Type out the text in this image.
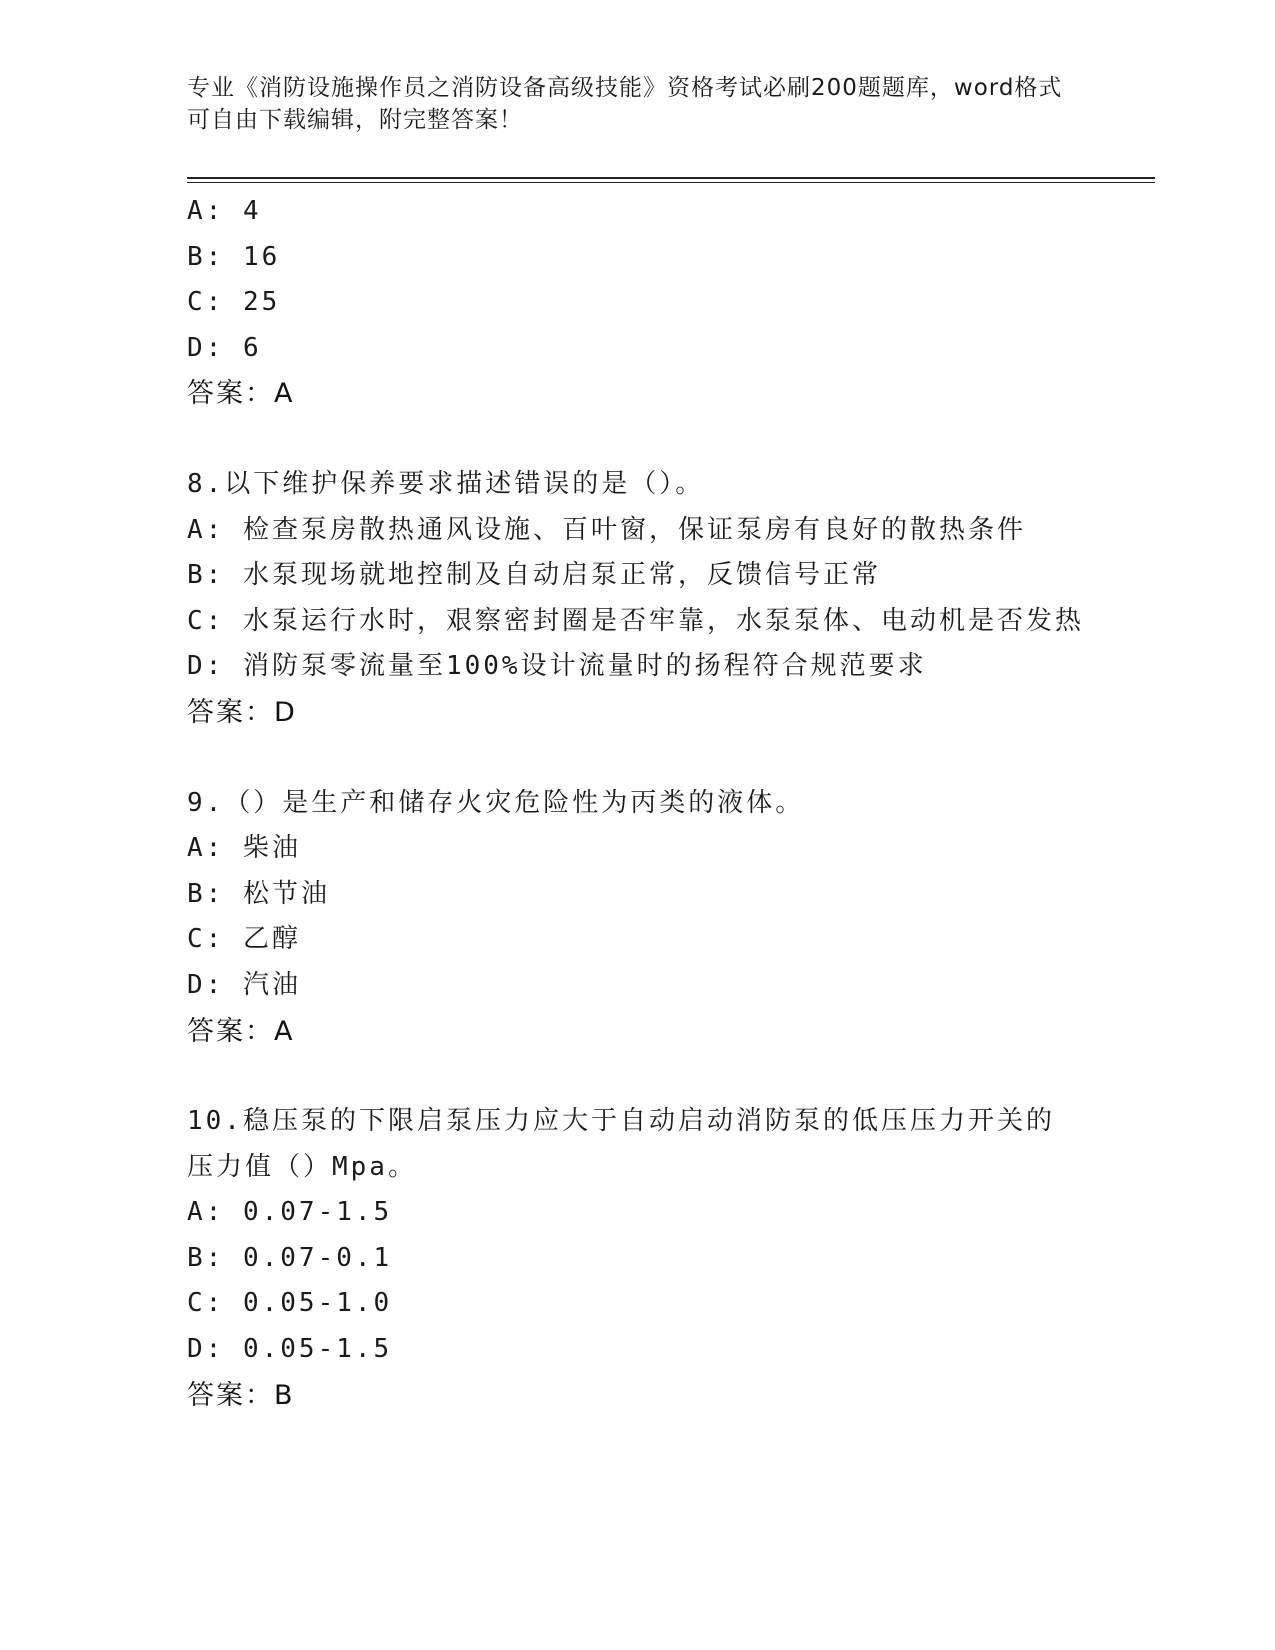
专业《消防设施操作员之消防设备高级技能》资格考试必刷200题题库，word格式可自由下载编辑，附完整答案！
A: 4
B: 16
C: 25
D: 6
答案：A
8.以下维护保养要求描述错误的是（）。
A: 检查泵房散热通风设施、百叶窗，保证泵房有良好的散热条件
B: 水泵现场就地控制及自动启泵正常，反馈信号正常
C: 水泵运行水时，艰察密封圈是否牢靠，水泵泵体、电动机是否发热
D: 消防泵零流量至100%设计流量时的扬程符合规范要求
答案：D
9.（）是生产和储存火灾危险性为丙类的液体。
A: 柴油
B: 松节油
C: 乙醇
D: 汽油
答案：A
10.稳压泵的下限启泵压力应大于自动启动消防泵的低压压力开关的压力值（）Mpa。
A: 0.07-1.5
B: 0.07-0.1
C: 0.05-1.0
D: 0.05-1.5
答案：B
